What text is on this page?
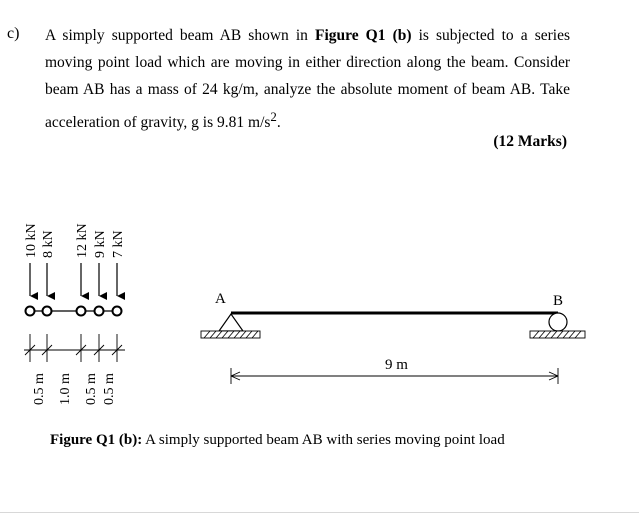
c) A simply supported beam AB shown in Figure Q1 (b) is subjected to a series moving point load which are moving in either direction along the beam. Consider beam AB has a mass of 24 kg/m, analyze the absolute moment of beam AB. Take acceleration of gravity, g is 9.81 $m/s^2$.
(12 Marks)
10 kN 8 kN 12 kN 9 kN 7 kN
0.5 m 1.0 m 0.5 m 0.5 m
A	B
9 m
Figure Q1 (b): A simply supported beam AB with series moving point load
